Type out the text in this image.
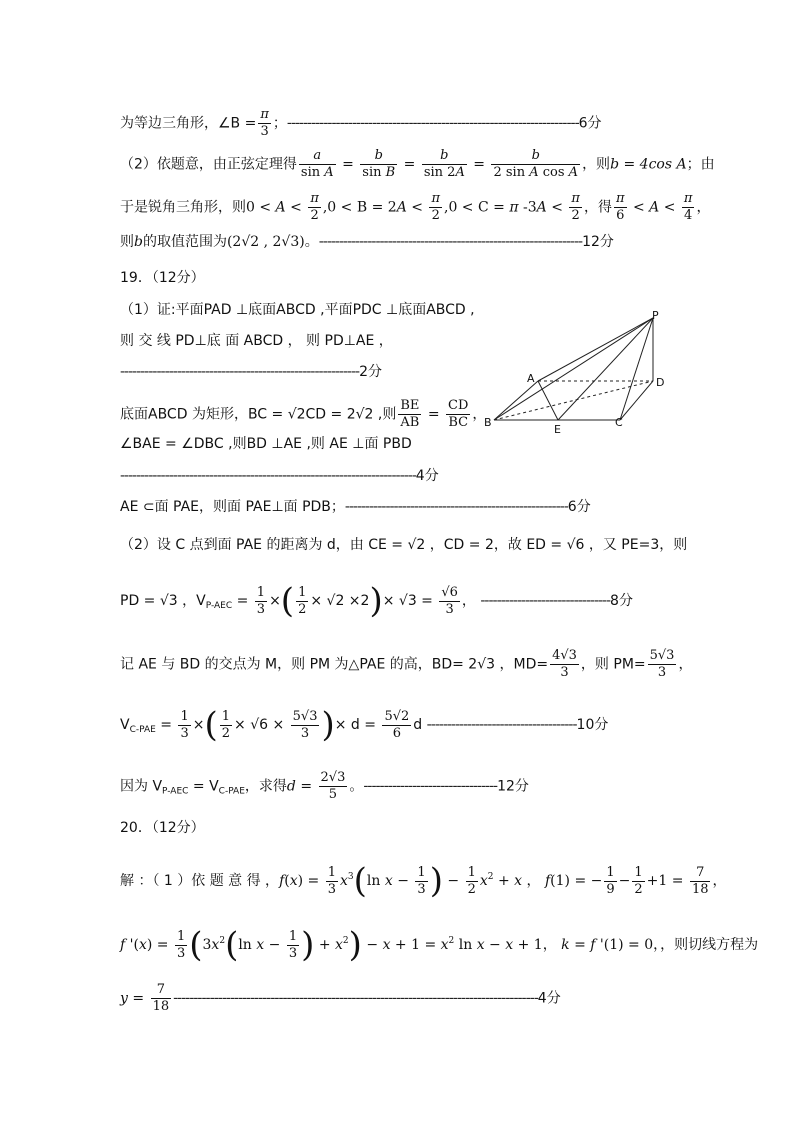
为等边三角形，∠B = $\frac{\pi}{3}$ ；------------------------------------------------------------------------6分
（2）依题意，由正弦定理得 $\frac{a}{\text{sin A}} = \frac{b}{\text{sin B}} = \frac{b}{\sin 2A} = \frac{b}{\text{2 sin A cos A}}$ ，则b = 4cos A；由
于是锐角三角形，则$0 < A < \frac{\pi}{2} ,0 < B = 2A < \frac{\pi}{2} ,0 < C = \pi$ $-3A < \frac{\pi}{2}$ ，得 $\frac{\pi}{6} < A < \frac{\pi}{4}$ ，
则b的取值范围为(2√2 , 2√3)。-----------------------------------------------------------------12分
19．（12分）
（1）证:平面PAD ⊥底面ABCD ,平面PDC ⊥底面ABCD ,
则 交 线 PD⊥底 面 ABCD ， 则 PD⊥AE ，
-----------------------------------------------------------2分
底面ABCD 为矩形，BC = √2CD = 2√2 ,则 $\frac{BE}{AB} = \frac{CD}{BC}$ ，
∠BAE = ∠DBC ,则BD ⊥AE ,则 AE ⊥面 PBD
-------------------------------------------------------------------------4分
AE ⊂面 PAE，则面 PAE⊥面 PDB；-------------------------------------------------------6分
（2）设 C 点到面 PAE 的距离为 d，由 CE = √2 ，CD = 2，故 ED = √6 ，又 PE=3，则
PD = √3 ，$V_{P-AEC} = \frac{1}{3}$ ×( $\frac{1}{2} \times √2 \times 2)\times √3 = \frac{√6}{3}$ ， --------------------------------8分
记 AE 与 BD 的交点为 M，则 PM 为△PAE 的高，BD= 2√3 ，$MD= \frac{4√3}{3}$ ，则 $PM= \frac{5√3}{3}$ ，
$V_{C-PAE} = \frac{1}{3}$ ×( $\frac{1}{2} \times √6 \times \frac{5√3}{3}$ )× $d = \frac{5√2}{6}$ d -------------------------------------10分
因为 $V_{P-AEC} = V_{C-PAE}$，求得$d = \frac{2√3}{5}$ 。---------------------------------12分
20．（12分）
解 ：（ 1 ）依 题 意 得 ，$f(x) = \frac{1}{3} x^3(\ln$ $x - \frac{1}{3}$ ) − $\frac{1}{2} x^2 + x$ ， f(1) = − $\frac{1}{9} - \frac{1}{2} +1 = \frac{7}{18}$ ，
f '$(x) = \frac{1}{3} (3x^2(\ln$ $x - \frac{1}{3}$ ) + $x^2) - x + 1 = x^2$ ln x − x + 1， k = f '(1) = 0，，则切线方程为
$y = \frac{7}{18} ------------------------------------------------------------------------------------------4$分
P
A	D
B
E
C
